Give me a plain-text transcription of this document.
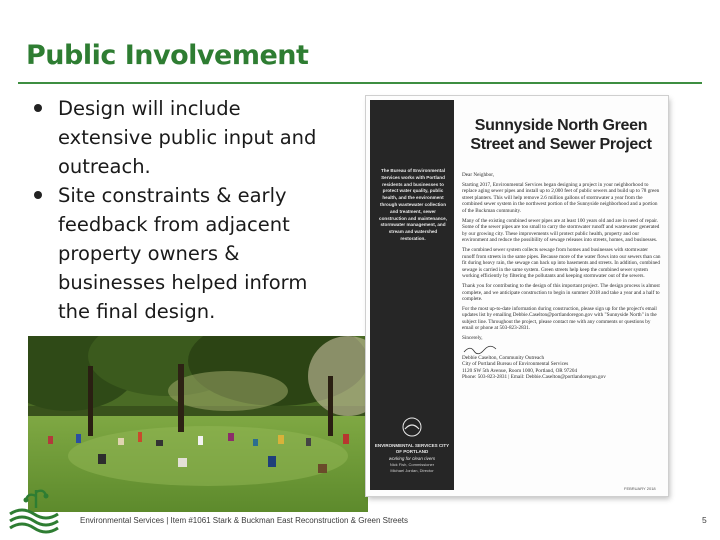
Public Involvement

Design will include extensive public input and outreach.

Site constraints & early feedback from adjacent property owners & businesses helped inform the final design.

The Bureau of Environmental Services works with Portland residents and businesses to protect water quality, public health, and the environment through wastewater collection and treatment, sewer construction and maintenance, stormwater management, and stream and watershed restoration.
ENVIRONMENTAL SERVICES CITY OF PORTLAND
working for clean rivers
Nick Fish, Commissioner
Michael Jordan, Director
Sunnyside North Green Street and Sewer Project

Dear Neighbor,

Starting 2017, Environmental Services began designing a project in your neighborhood to replace aging sewer pipes and install up to 2,000 feet of public sewers and build up to 78 green street planters. This will help remove 2.6 million gallons of stormwater a year from the combined sewer system in the northwest portion of the Sunnyside neighborhood and a portion of the Buckman community.

Many of the existing combined sewer pipes are at least 100 years old and are in need of repair. Some of the sewer pipes are too small to carry the stormwater runoff and wastewater generated by our growing city. These improvements will protect public health, property and our environment and reduce the possibility of sewage releases into streets, homes, and businesses.

The combined sewer system collects sewage from homes and businesses with stormwater runoff from streets in the same pipes. Because more of the water flows into our sewers than can fit during heavy rain, the sewage can back up into basements and streets. In addition, combined sewage is carried in the same system. Green streets help keep the combined sewer system working efficiently by filtering the pollutants and keeping stormwater out of the sewers.

Thank you for contributing to the design of this important project. The design process is almost complete, and we anticipate construction to begin in summer 2018 and take a year and a half to complete.

For the most up-to-date information during construction, please sign up for the project's email updates list by emailing Debbie.Caselton@portlandoregon.gov with "Sunnyside North" in the subject line. Throughout the project, please contact me with any comments or questions by email or phone at 503-823-2831.

Sincerely,

Debbie Caselton, Community Outreach
City of Portland Bureau of Environmental Services
1120 SW 5th Avenue, Room 1000, Portland, OR 97204
Phone: 503-823-2831 | Email: Debbie.Caselton@portlandoregon.gov
FEBRUARY 2018
Environmental Services | Item #1061 Stark & Buckman East Reconstruction & Green Streets	5
